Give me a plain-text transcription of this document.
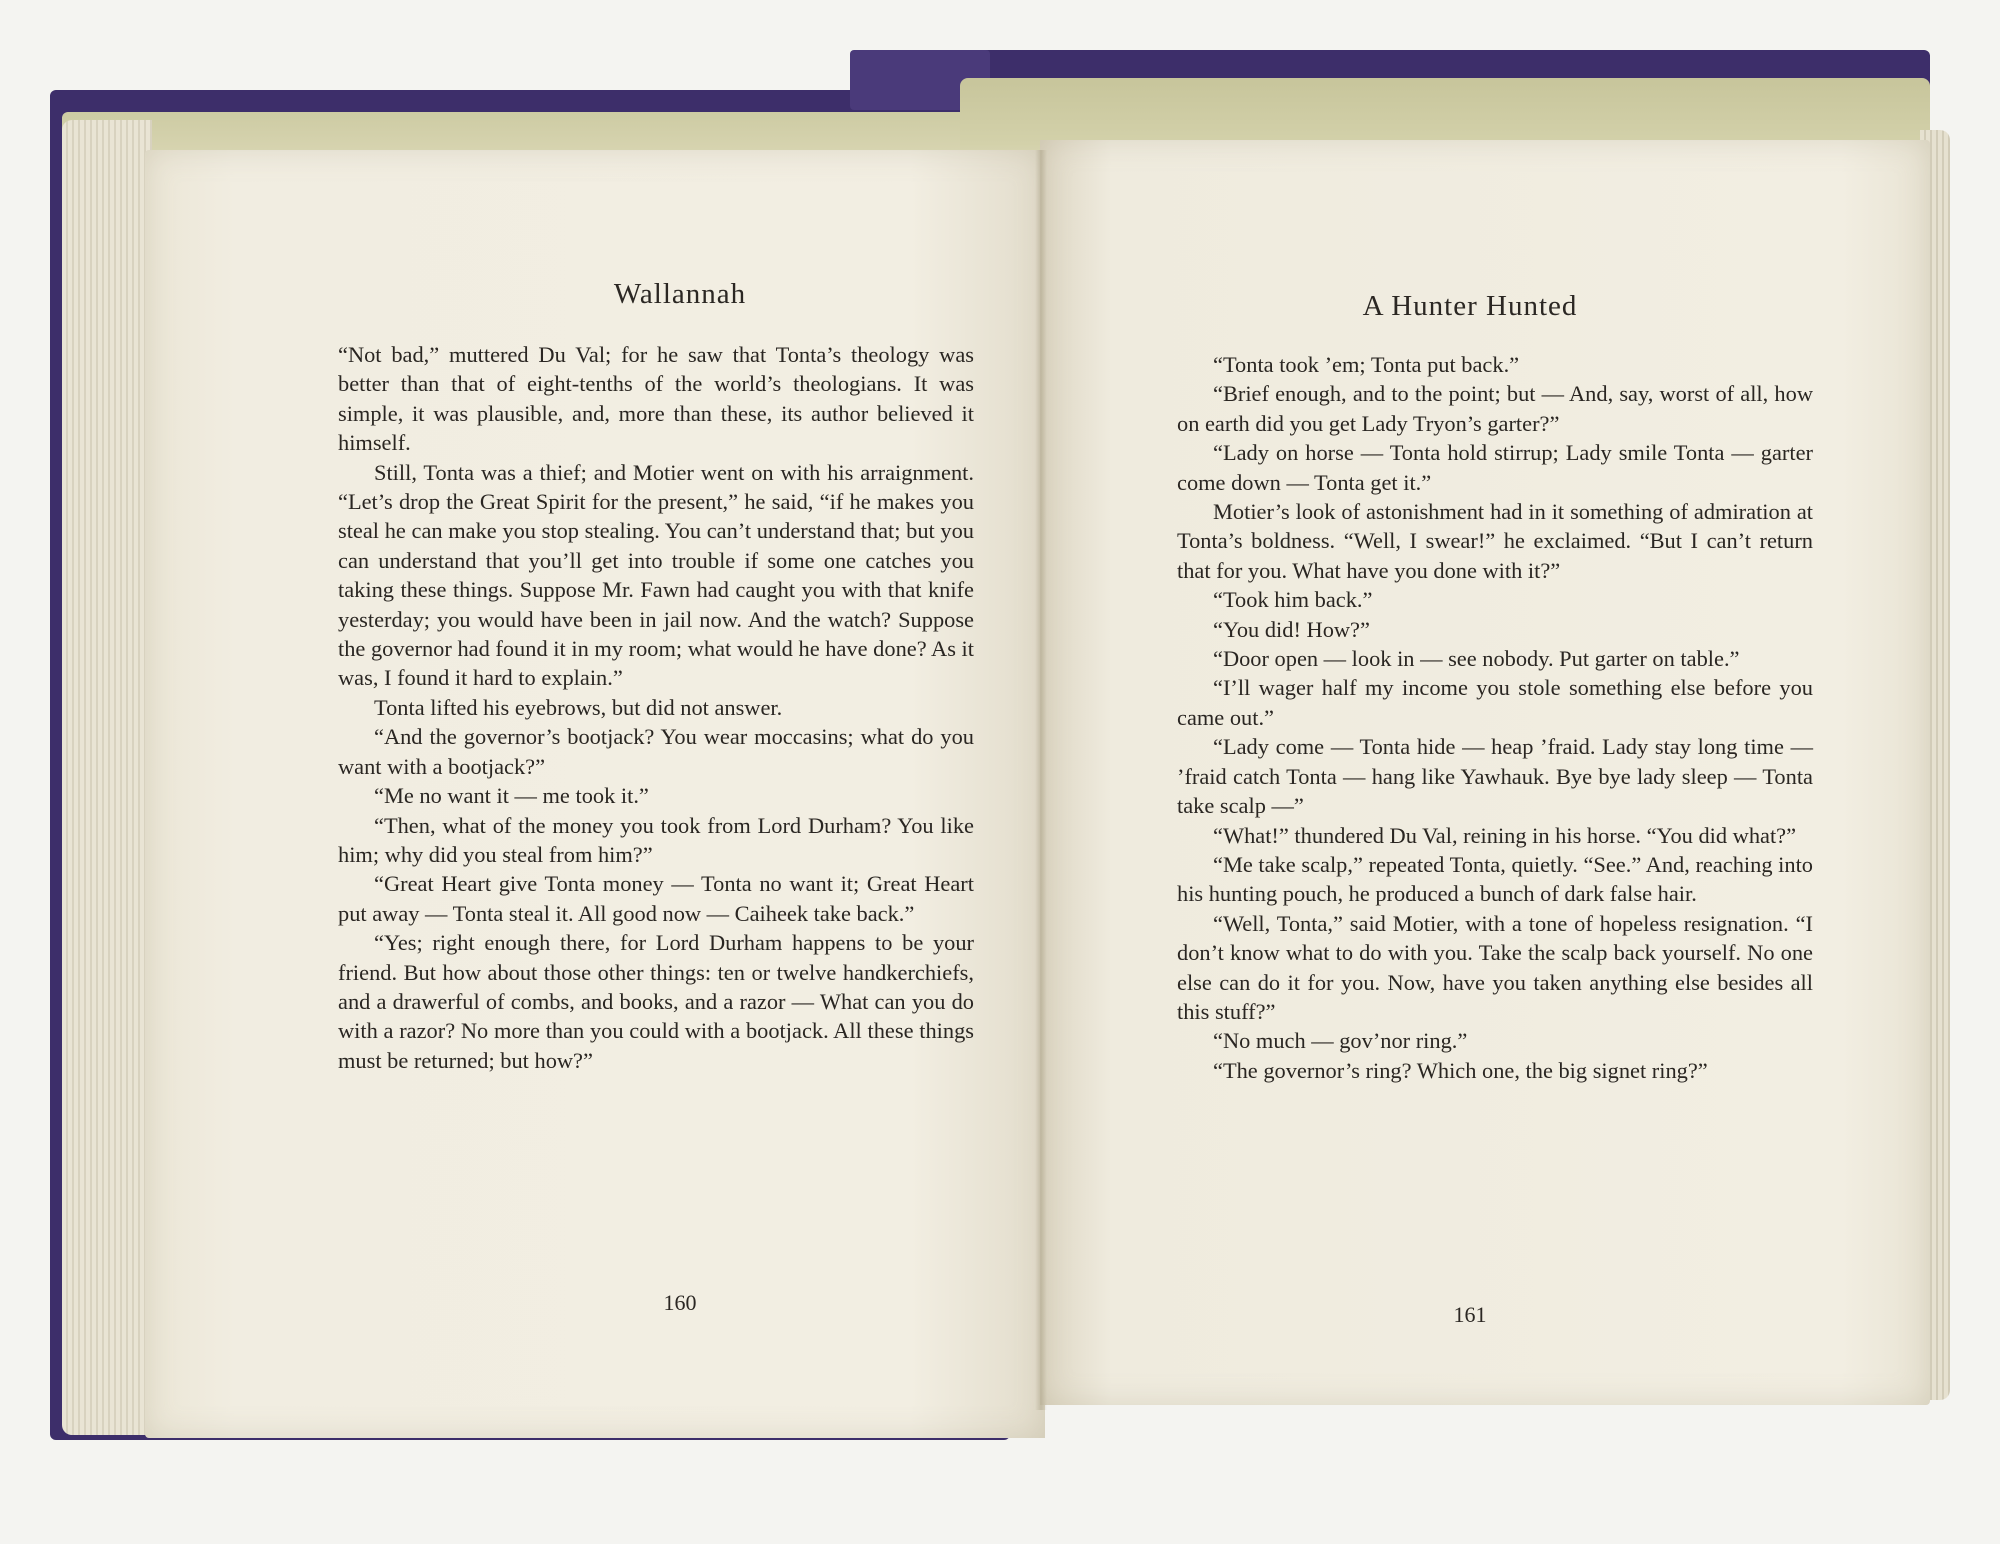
Wallannah

“Not bad,” muttered Du Val; for he saw that Tonta’s theology was better than that of eight-tenths of the world’s theologians. It was simple, it was plausible, and, more than these, its author believed it himself.

Still, Tonta was a thief; and Motier went on with his arraignment. “Let’s drop the Great Spirit for the present,” he said, “if he makes you steal he can make you stop stealing. You can’t understand that; but you can understand that you’ll get into trouble if some one catches you taking these things. Suppose Mr. Fawn had caught you with that knife yesterday; you would have been in jail now. And the watch? Suppose the governor had found it in my room; what would he have done? As it was, I found it hard to explain.”

Tonta lifted his eyebrows, but did not answer.

“And the governor’s bootjack? You wear moccasins; what do you want with a bootjack?”

“Me no want it — me took it.”

“Then, what of the money you took from Lord Durham? You like him; why did you steal from him?”

“Great Heart give Tonta money — Tonta no want it; Great Heart put away — Tonta steal it. All good now — Caiheek take back.”

“Yes; right enough there, for Lord Durham happens to be your friend. But how about those other things: ten or twelve handkerchiefs, and a drawerful of combs, and books, and a razor — What can you do with a razor? No more than you could with a bootjack. All these things must be returned; but how?”

160
A Hunter Hunted

“Tonta took ’em; Tonta put back.”

“Brief enough, and to the point; but — And, say, worst of all, how on earth did you get Lady Tryon’s garter?”

“Lady on horse — Tonta hold stirrup; Lady smile Tonta — garter come down — Tonta get it.”

Motier’s look of astonishment had in it something of admiration at Tonta’s boldness. “Well, I swear!” he exclaimed. “But I can’t return that for you. What have you done with it?”

“Took him back.”

“You did! How?”

“Door open — look in — see nobody. Put garter on table.”

“I’ll wager half my income you stole something else before you came out.”

“Lady come — Tonta hide — heap ’fraid. Lady stay long time — ’fraid catch Tonta — hang like Yawhauk. Bye bye lady sleep — Tonta take scalp —”

“What!” thundered Du Val, reining in his horse. “You did what?”

“Me take scalp,” repeated Tonta, quietly. “See.” And, reaching into his hunting pouch, he produced a bunch of dark false hair.

“Well, Tonta,” said Motier, with a tone of hopeless resignation. “I don’t know what to do with you. Take the scalp back yourself. No one else can do it for you. Now, have you taken anything else besides all this stuff?”

“No much — gov’nor ring.”

“The governor’s ring? Which one, the big signet ring?”

161
